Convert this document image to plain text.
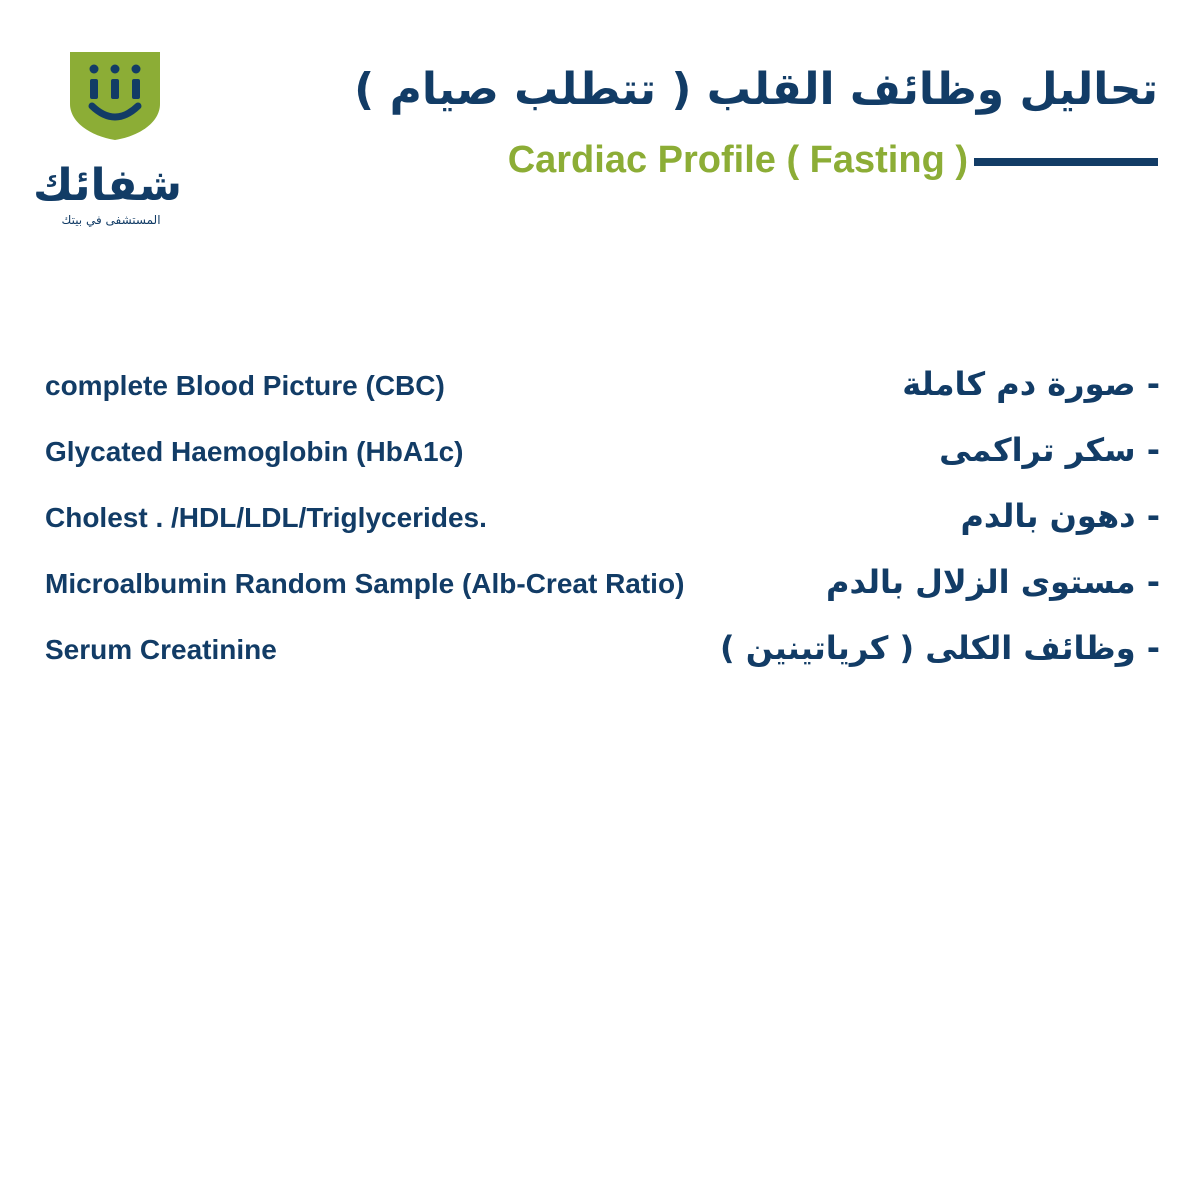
شفائك
المستشفى في بيتك
تحاليل وظائف القلب ( تتطلب صيام )
Cardiac Profile ( Fasting )
complete Blood Picture (CBC)	- صورة دم كاملة
Glycated Haemoglobin (HbA1c)	- سكر تراكمى
Cholest . /HDL/LDL/Triglycerides.	- دهون بالدم
Microalbumin Random Sample (Alb-Creat Ratio)	- مستوى الزلال بالدم
Serum Creatinine	- وظائف الكلى ( كرياتينين )
